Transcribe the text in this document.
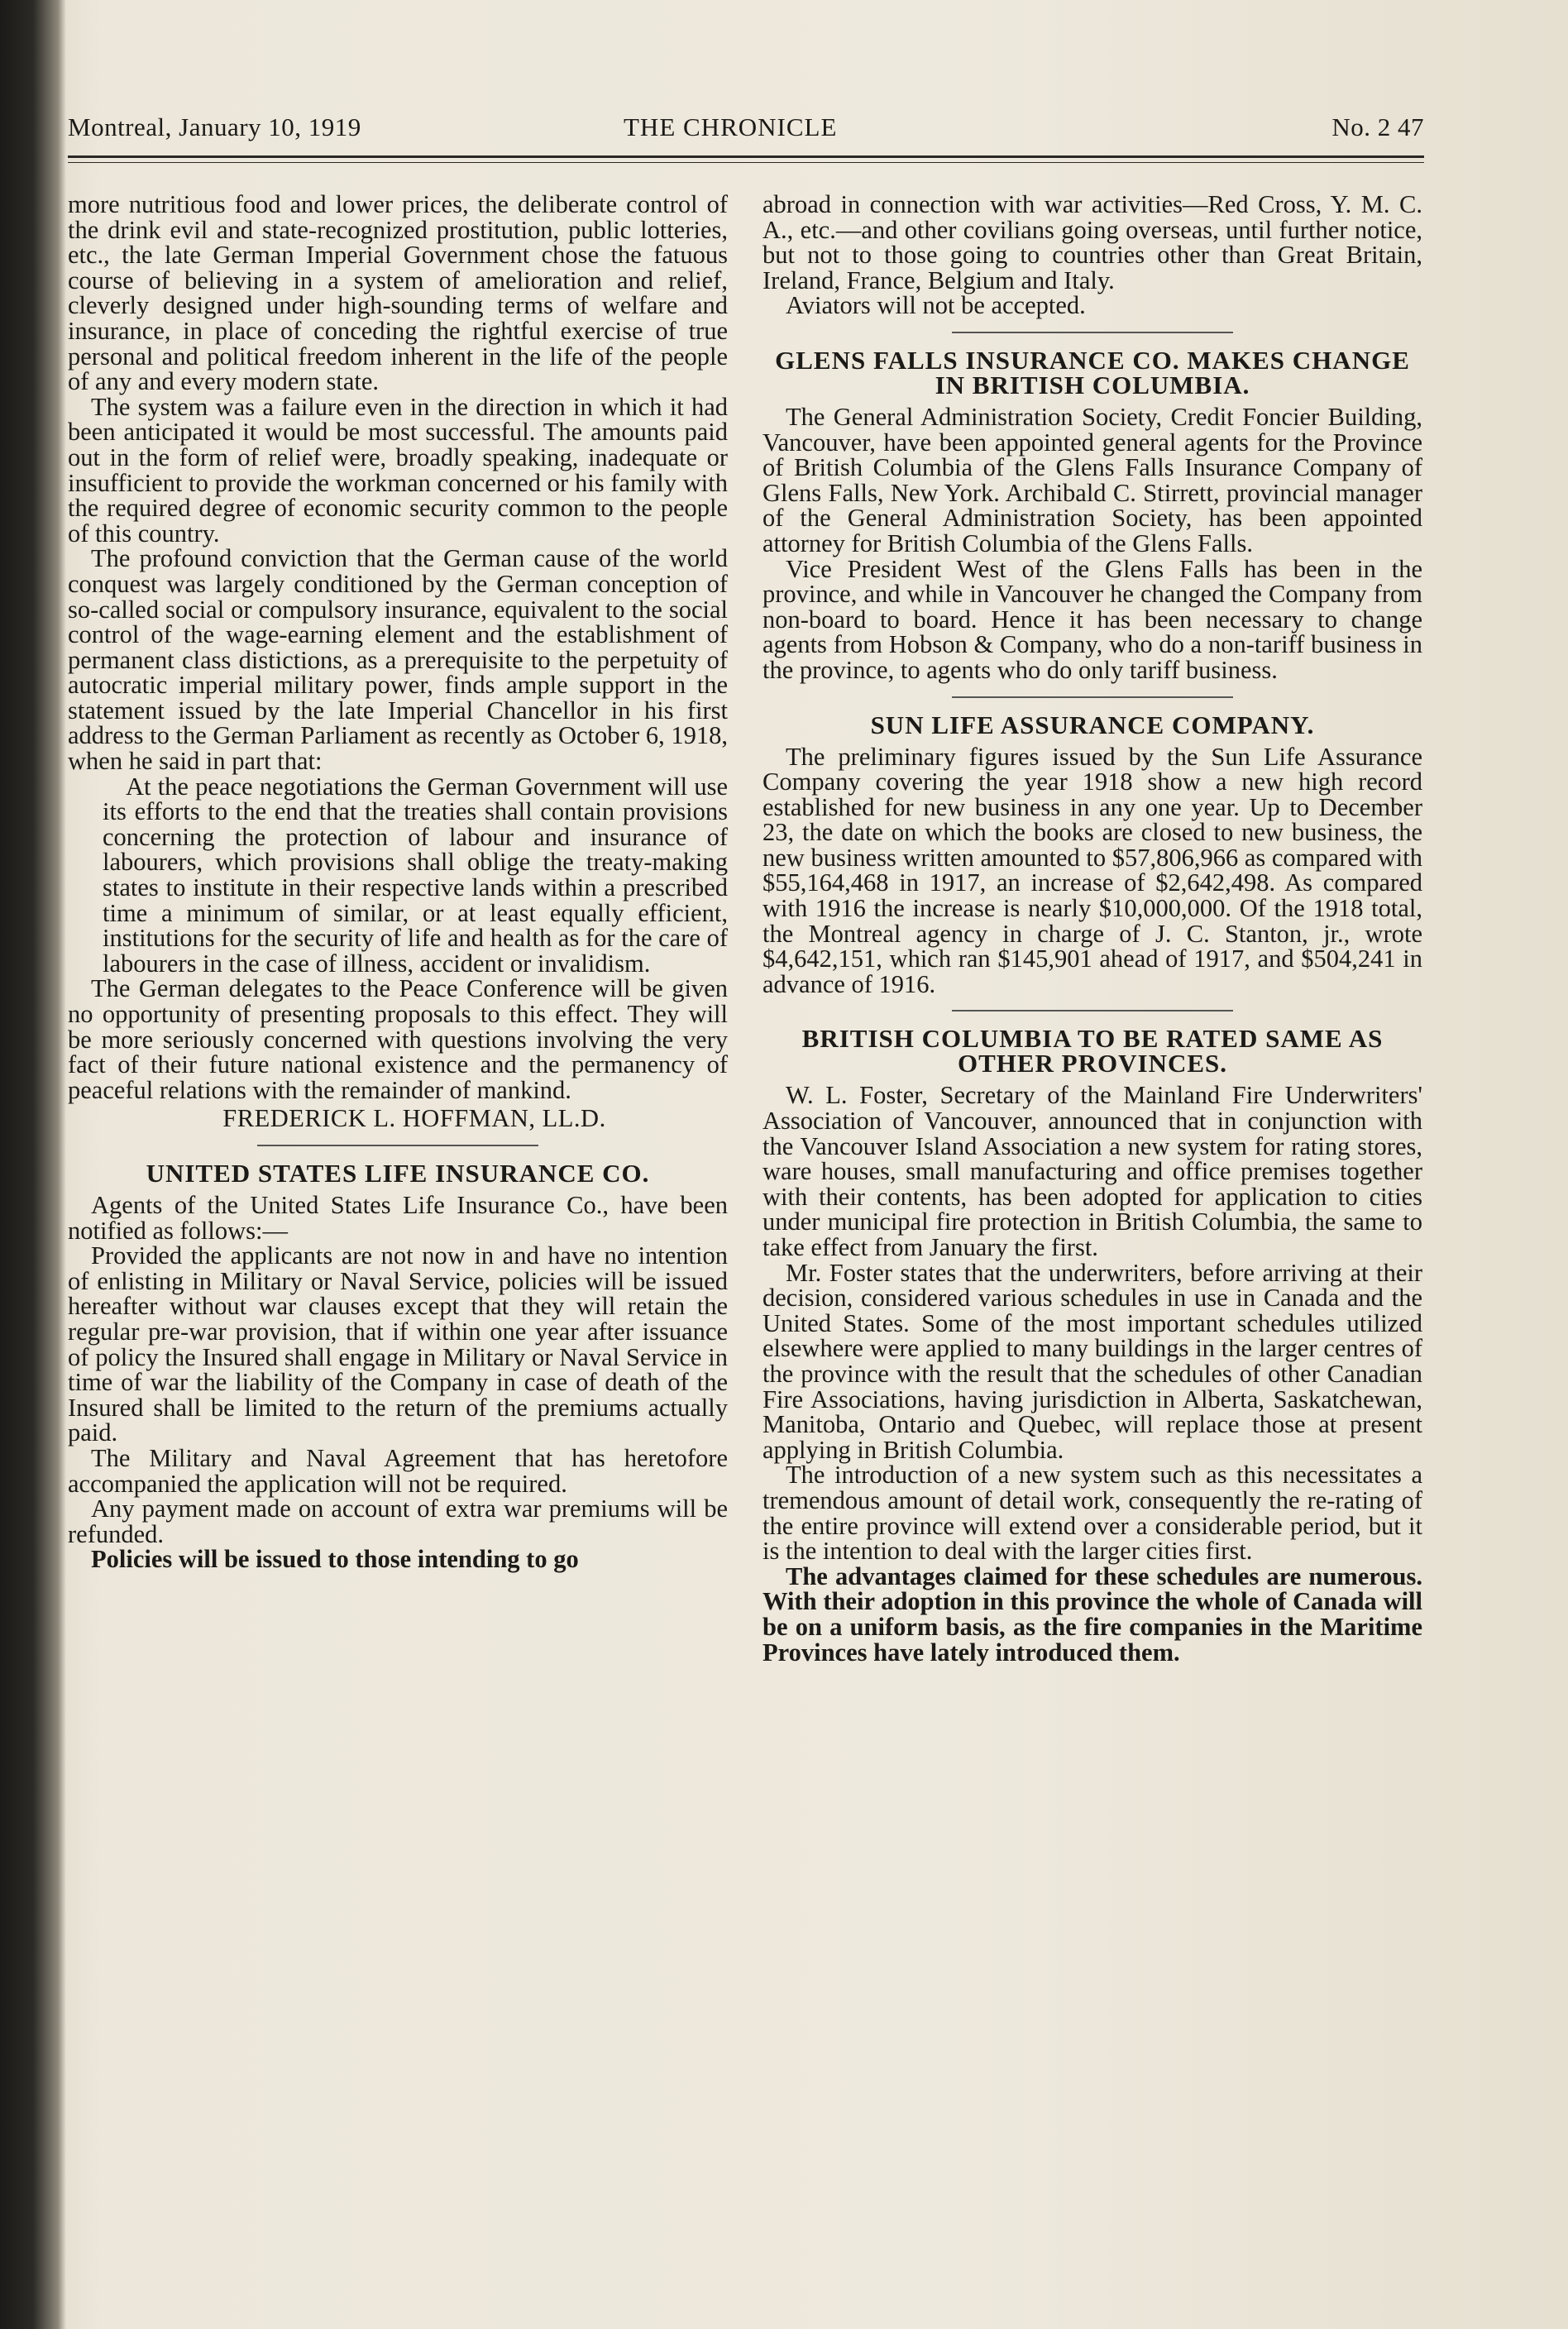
Montreal, January 10, 1919	THE CHRONICLE	No. 2 47

more nutritious food and lower prices, the deliberate control of the drink evil and state-recognized prostitution, public lotteries, etc., the late German Imperial Government chose the fatuous course of believing in a system of amelioration and relief, cleverly designed under high-sounding terms of welfare and insurance, in place of conceding the rightful exercise of true personal and political freedom inherent in the life of the people of any and every modern state.

The system was a failure even in the direction in which it had been anticipated it would be most successful. The amounts paid out in the form of relief were, broadly speaking, inadequate or insufficient to provide the workman concerned or his family with the required degree of economic security common to the people of this country.

The profound conviction that the German cause of the world conquest was largely conditioned by the German conception of so-called social or compulsory insurance, equivalent to the social control of the wage-earning element and the establishment of permanent class distictions, as a prerequisite to the perpetuity of autocratic imperial military power, finds ample support in the statement issued by the late Imperial Chancellor in his first address to the German Parliament as recently as October 6, 1918, when he said in part that:

At the peace negotiations the German Government will use its efforts to the end that the treaties shall contain provisions concerning the protection of labour and insurance of labourers, which provisions shall oblige the treaty-making states to institute in their respective lands within a prescribed time a minimum of similar, or at least equally efficient, institutions for the security of life and health as for the care of labourers in the case of illness, accident or invalidism.

The German delegates to the Peace Conference will be given no opportunity of presenting proposals to this effect. They will be more seriously concerned with questions involving the very fact of their future national existence and the permanency of peaceful relations with the remainder of mankind.

FREDERICK L. HOFFMAN, LL.D.
UNITED STATES LIFE INSURANCE CO.

Agents of the United States Life Insurance Co., have been notified as follows:—

Provided the applicants are not now in and have no intention of enlisting in Military or Naval Service, policies will be issued hereafter without war clauses except that they will retain the regular pre-war provision, that if within one year after issuance of policy the Insured shall engage in Military or Naval Service in time of war the liability of the Company in case of death of the Insured shall be limited to the return of the premiums actually paid.

The Military and Naval Agreement that has heretofore accompanied the application will not be required.

Any payment made on account of extra war premiums will be refunded.

Policies will be issued to those intending to go

abroad in connection with war activities—Red Cross, Y. M. C. A., etc.—and other covilians going overseas, until further notice, but not to those going to countries other than Great Britain, Ireland, France, Belgium and Italy.

Aviators will not be accepted.

GLENS FALLS INSURANCE CO. MAKES CHANGE IN BRITISH COLUMBIA.

The General Administration Society, Credit Foncier Building, Vancouver, have been appointed general agents for the Province of British Columbia of the Glens Falls Insurance Company of Glens Falls, New York. Archibald C. Stirrett, provincial manager of the General Administration Society, has been appointed attorney for British Columbia of the Glens Falls.

Vice President West of the Glens Falls has been in the province, and while in Vancouver he changed the Company from non-board to board. Hence it has been necessary to change agents from Hobson & Company, who do a non-tariff business in the province, to agents who do only tariff business.

SUN LIFE ASSURANCE COMPANY.

The preliminary figures issued by the Sun Life Assurance Company covering the year 1918 show a new high record established for new business in any one year. Up to December 23, the date on which the books are closed to new business, the new business written amounted to $57,806,966 as compared with $55,164,468 in 1917, an increase of $2,642,498. As compared with 1916 the increase is nearly $10,000,000. Of the 1918 total, the Montreal agency in charge of J. C. Stanton, jr., wrote $4,642,151, which ran $145,901 ahead of 1917, and $504,241 in advance of 1916.

BRITISH COLUMBIA TO BE RATED SAME AS OTHER PROVINCES.

W. L. Foster, Secretary of the Mainland Fire Underwriters' Association of Vancouver, announced that in conjunction with the Vancouver Island Association a new system for rating stores, ware houses, small manufacturing and office premises together with their contents, has been adopted for application to cities under municipal fire protection in British Columbia, the same to take effect from January the first.

Mr. Foster states that the underwriters, before arriving at their decision, considered various schedules in use in Canada and the United States. Some of the most important schedules utilized elsewhere were applied to many buildings in the larger centres of the province with the result that the schedules of other Canadian Fire Associations, having jurisdiction in Alberta, Saskatchewan, Manitoba, Ontario and Quebec, will replace those at present applying in British Columbia.

The introduction of a new system such as this necessitates a tremendous amount of detail work, consequently the re-rating of the entire province will extend over a considerable period, but it is the intention to deal with the larger cities first.

The advantages claimed for these schedules are numerous. With their adoption in this province the whole of Canada will be on a uniform basis, as the fire companies in the Maritime Provinces have lately introduced them.
